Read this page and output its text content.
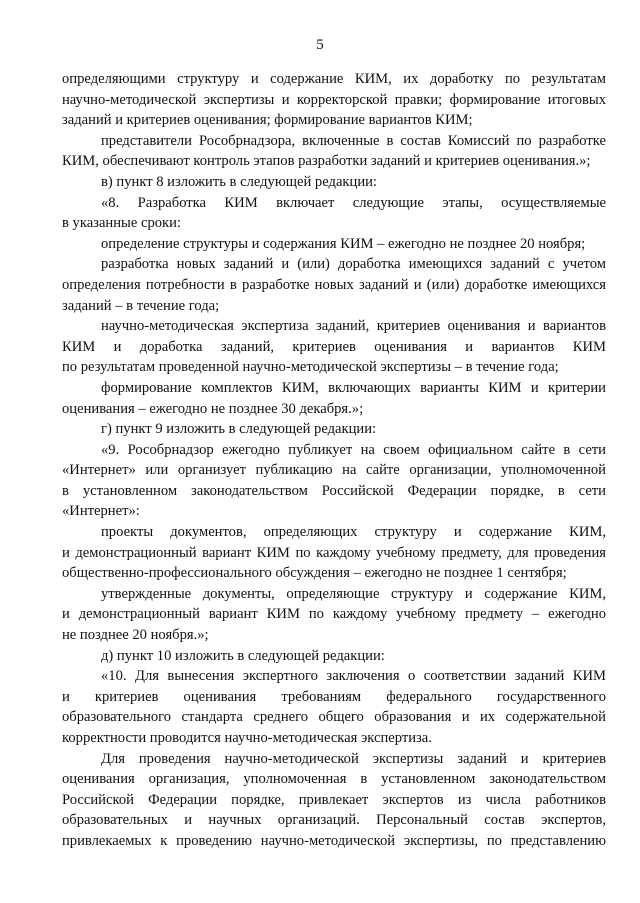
5
определяющими структуру и содержание КИМ, их доработку по результатам
научно-методической экспертизы и корректорской правки; формирование итоговых
заданий и критериев оценивания; формирование вариантов КИМ;
представители Рособрнадзора, включенные в состав Комиссий по разработке
КИМ, обеспечивают контроль этапов разработки заданий и критериев оценивания.»;
в) пункт 8 изложить в следующей редакции:
«8. Разработка КИМ включает следующие этапы, осуществляемые
в указанные сроки:
определение структуры и содержания КИМ – ежегодно не позднее 20 ноября;
разработка новых заданий и (или) доработка имеющихся заданий с учетом
определения потребности в разработке новых заданий и (или) доработке имеющихся
заданий – в течение года;
научно-методическая экспертиза заданий, критериев оценивания и вариантов
КИМ и доработка заданий, критериев оценивания и вариантов КИМ
по результатам проведенной научно-методической экспертизы – в течение года;
формирование комплектов КИМ, включающих варианты КИМ и критерии
оценивания – ежегодно не позднее 30 декабря.»;
г) пункт 9 изложить в следующей редакции:
«9. Рособрнадзор ежегодно публикует на своем официальном сайте в сети
«Интернет» или организует публикацию на сайте организации, уполномоченной
в установленном законодательством Российской Федерации порядке, в сети
«Интернет»:
проекты документов, определяющих структуру и содержание КИМ,
и демонстрационный вариант КИМ по каждому учебному предмету, для проведения
общественно-профессионального обсуждения – ежегодно не позднее 1 сентября;
утвержденные документы, определяющие структуру и содержание КИМ,
и демонстрационный вариант КИМ по каждому учебному предмету – ежегодно
не позднее 20 ноября.»;
д) пункт 10 изложить в следующей редакции:
«10. Для вынесения экспертного заключения о соответствии заданий КИМ
и критериев оценивания требованиям федерального государственного
образовательного стандарта среднего общего образования и их содержательной
корректности проводится научно-методическая экспертиза.
Для проведения научно-методической экспертизы заданий и критериев
оценивания организация, уполномоченная в установленном законодательством
Российской Федерации порядке, привлекает экспертов из числа работников
образовательных и научных организаций. Персональный состав экспертов,
привлекаемых к проведению научно-методической экспертизы, по представлению
